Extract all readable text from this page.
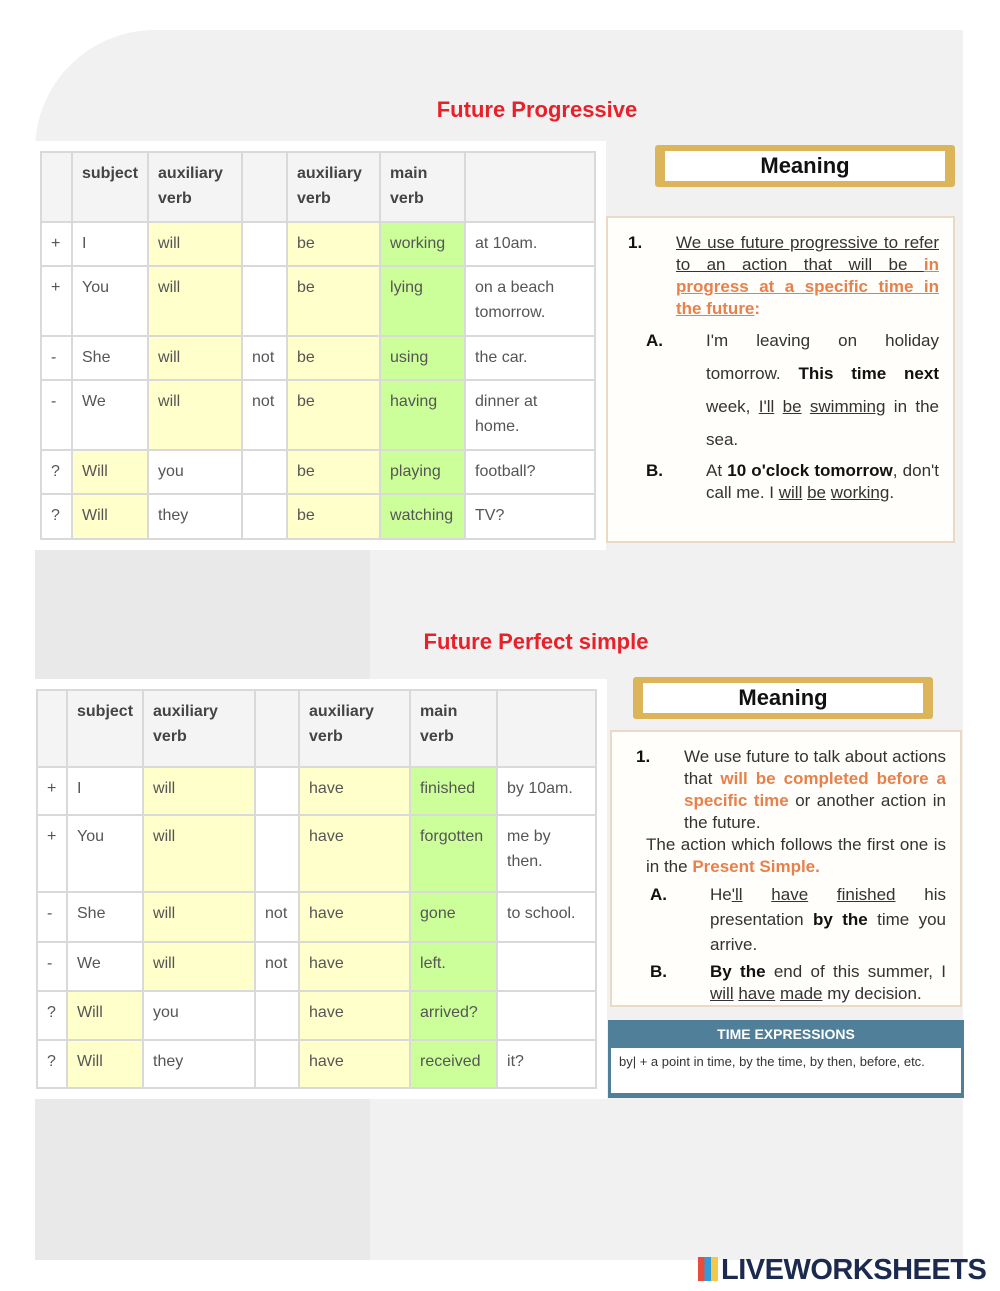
Future Progressive
	subject	auxiliary verb		auxiliary verb	main verb	
+	I	will		be	working	at 10am.
+	You	will		be	lying	on a beach tomorrow.
-	She	will	not	be	using	the car.
-	We	will	not	be	having	dinner at home.
?	Will	you		be	playing	football?
?	Will	they		be	watching	TV?
Meaning
1. We use future progressive to refer to an action that will be in progress at a specific time in the future:
A.	I'm leaving on holiday tomorrow. This time next week, I'll be swimming in the sea.
B.	At 10 o'clock tomorrow, don't call me. I will be working.
Future Perfect simple
	subject	auxiliary verb		auxiliary verb	main verb	
+	I	will		have	finished	by 10am.
+	You	will		have	forgotten	me by then.
-	She	will	not	have	gone	to school.
-	We	will	not	have	left.	
?	Will	you		have	arrived?	
?	Will	they		have	received	it?
Meaning
1. We use future to talk about actions that will be completed before a specific time or another action in the future.
The action which follows the first one is in the Present Simple.
A.	He'll have finished his presentation by the time you arrive.
B.	By the end of this summer, I will have made my decision.
TIME EXPRESSIONS
by| + a point in time, by the time, by then, before, etc.
LIVEWORKSHEETS
